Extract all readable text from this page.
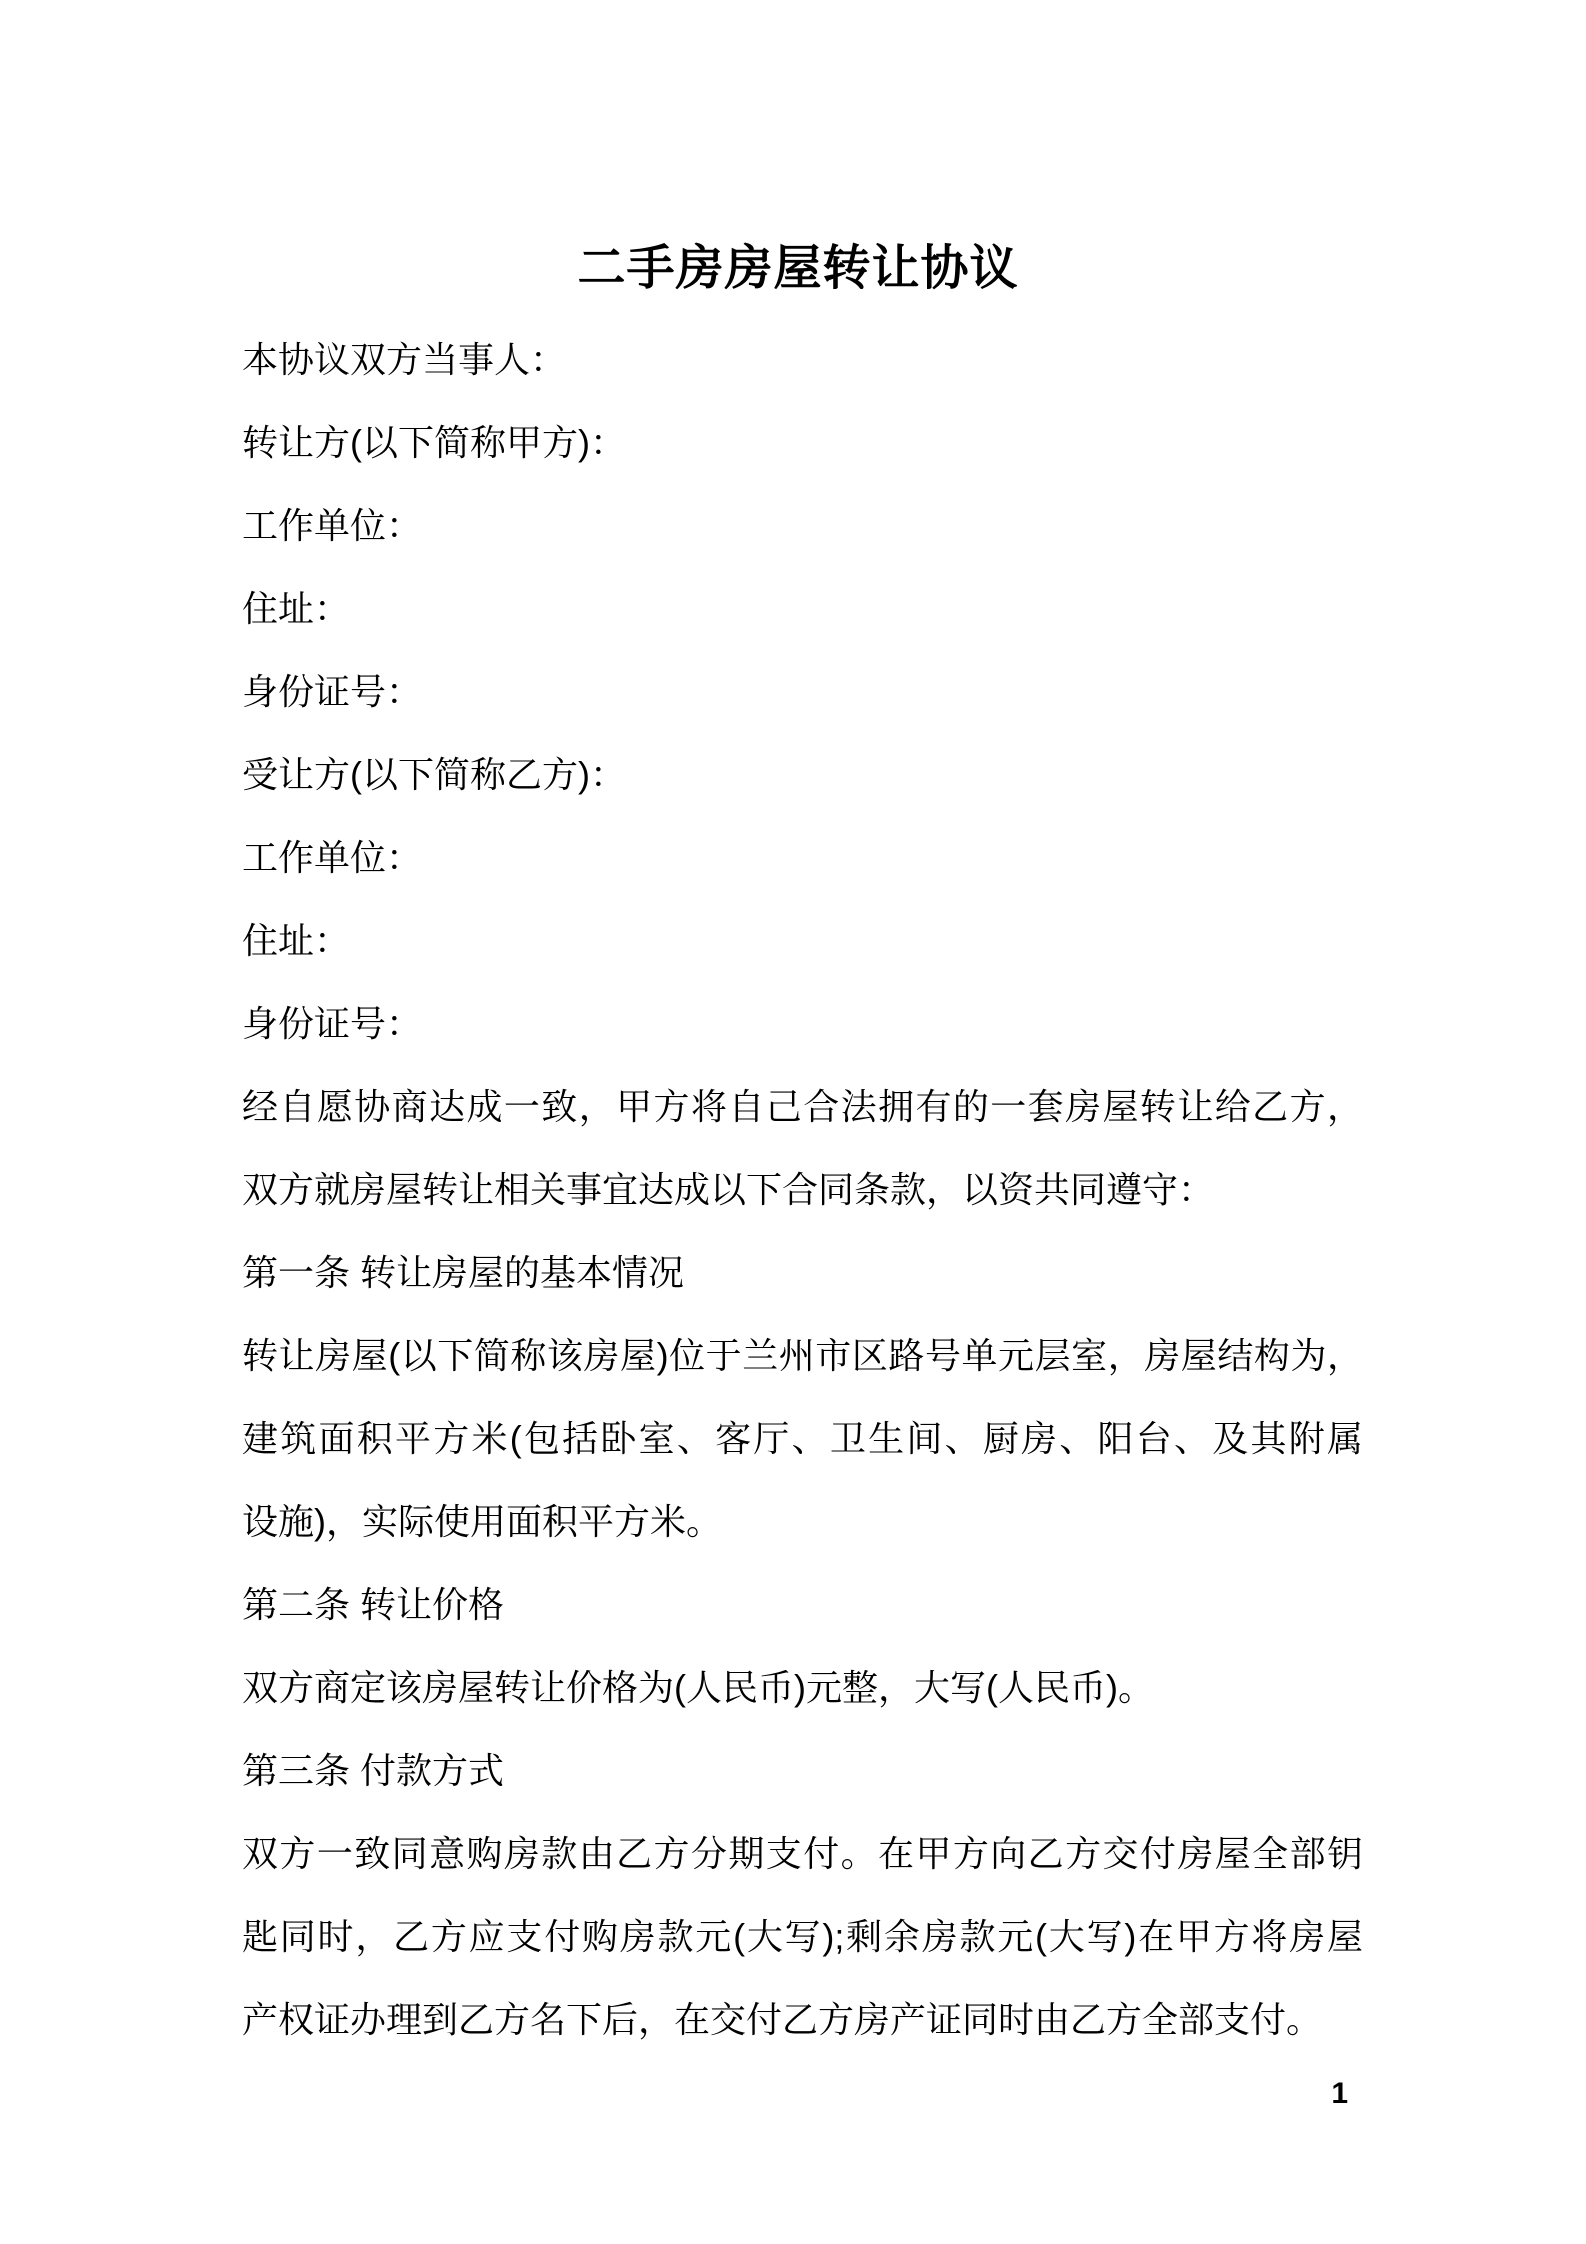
二手房房屋转让协议
本协议双方当事人：
转让方(以下简称甲方)：
工作单位：
住址：
身份证号：
受让方(以下简称乙方)：
工作单位：
住址：
身份证号：
经自愿协商达成一致，甲方将自己合法拥有的一套房屋转让给乙方，
双方就房屋转让相关事宜达成以下合同条款，以资共同遵守：
第一条 转让房屋的基本情况
转让房屋(以下简称该房屋)位于兰州市区路号单元层室，房屋结构为，
建筑面积平方米(包括卧室、客厅、卫生间、厨房、阳台、及其附属
设施)，实际使用面积平方米。
第二条 转让价格
双方商定该房屋转让价格为(人民币)元整，大写(人民币)。
第三条 付款方式
双方一致同意购房款由乙方分期支付。在甲方向乙方交付房屋全部钥
匙同时，乙方应支付购房款元(大写);剩余房款元(大写)在甲方将房屋
产权证办理到乙方名下后，在交付乙方房产证同时由乙方全部支付。
1
